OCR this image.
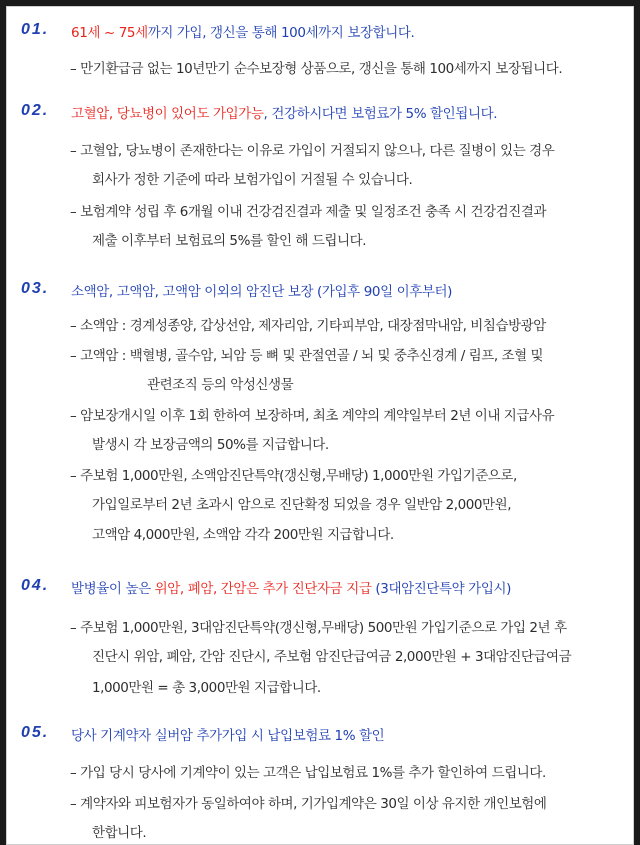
01. 61세 ~ 75세까지 가입, 갱신을 통해 100세까지 보장합니다.
– 만기환급금 없는 10년만기 순수보장형 상품으로, 갱신을 통해 100세까지 보장됩니다.
02. 고혈압, 당뇨병이 있어도 가입가능, 건강하시다면 보험료가 5% 할인됩니다.
– 고혈압, 당뇨병이 존재한다는 이유로 가입이 거절되지 않으나, 다른 질병이 있는 경우
회사가 정한 기준에 따라 보험가입이 거절될 수 있습니다.
– 보험계약 성립 후 6개월 이내 건강검진결과 제출 및 일정조건 충족 시 건강검진결과
제출 이후부터 보험료의 5%를 할인 해 드립니다.
03. 소액암, 고액암, 고액암 이외의 암진단 보장 (가입후 90일 이후부터)
– 소액암 : 경계성종양, 갑상선암, 제자리암, 기타피부암, 대장점막내암, 비침습방광암
– 고액암 : 백혈병, 골수암, 뇌암 등 뼈 및 관절연골 / 뇌 및 중추신경계 / 림프, 조혈 및
관련조직 등의 악성신생물
– 암보장개시일 이후 1회 한하여 보장하며, 최초 계약의 계약일부터 2년 이내 지급사유
발생시 각 보장금액의 50%를 지급합니다.
– 주보험 1,000만원, 소액암진단특약(갱신형,무배당) 1,000만원 가입기준으로,
가입일로부터 2년 초과시 암으로 진단확정 되었을 경우 일반암 2,000만원,
고액암 4,000만원, 소액암 각각 200만원 지급합니다.
04. 발병율이 높은 위암, 폐암, 간암은 추가 진단자금 지급 (3대암진단특약 가입시)
– 주보험 1,000만원, 3대암진단특약(갱신형,무배당) 500만원 가입기준으로 가입 2년 후
진단시 위암, 폐암, 간암 진단시, 주보험 암진단급여금 2,000만원 + 3대암진단급여금
1,000만원 = 총 3,000만원 지급합니다.
05. 당사 기계약자 실버암 추가가입 시 납입보험료 1% 할인
– 가입 당시 당사에 기계약이 있는 고객은 납입보험료 1%를 추가 할인하여 드립니다.
– 계약자와 피보험자가 동일하여야 하며, 기가입계약은 30일 이상 유지한 개인보험에
한합니다.
